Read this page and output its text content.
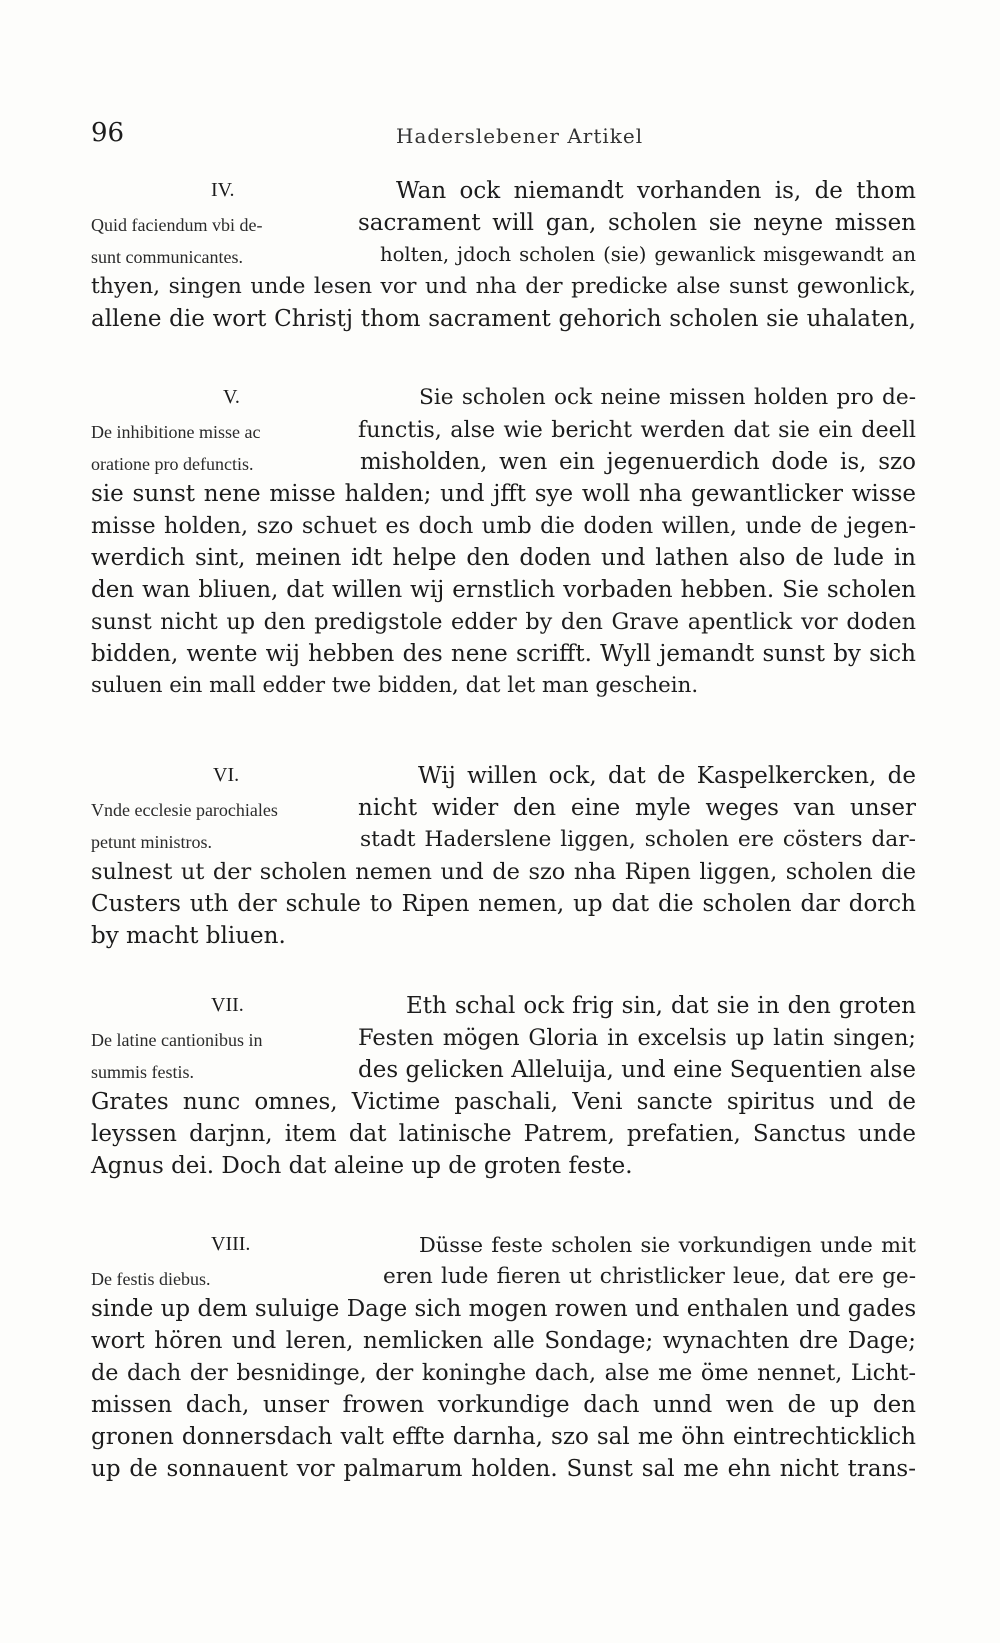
96	Haderslebener Artikel
IV.
Quid faciendum vbi de-
sunt communicantes.
Wan ock niemandt vorhanden is, de thom
sacrament will gan, scholen sie neyne missen
holten, jdoch scholen (sie) gewanlick misgewandt an
thyen, singen unde lesen vor und nha der predicke alse sunst gewonlick,
allene die wort Christj thom sacrament gehorich scholen sie uhalaten,
V.
De inhibitione misse ac
oratione pro defunctis.
Sie scholen ock neine missen holden pro de-
functis, alse wie bericht werden dat sie ein deell
misholden, wen ein jegenuerdich dode is, szo
sie sunst nene misse halden; und jfft sye woll nha gewantlicker wisse
misse holden, szo schuet es doch umb die doden willen, unde de jegen-
werdich sint, meinen idt helpe den doden und lathen also de lude in
den wan bliuen, dat willen wij ernstlich vorbaden hebben. Sie scholen
sunst nicht up den predigstole edder by den Grave apentlick vor doden
bidden, wente wij hebben des nene scrifft. Wyll jemandt sunst by sich
suluen ein mall edder twe bidden, dat let man geschein.
VI.
Vnde ecclesie parochiales
petunt ministros.
Wij willen ock, dat de Kaspelkercken, de
nicht wider den eine myle weges van unser
stadt Haderslene liggen, scholen ere cösters dar-
sulnest ut der scholen nemen und de szo nha Ripen liggen, scholen die
Custers uth der schule to Ripen nemen, up dat die scholen dar dorch
by macht bliuen.
VII.
De latine cantionibus in
summis festis.
Eth schal ock frig sin, dat sie in den groten
Festen mögen Gloria in excelsis up latin singen;
des gelicken Alleluija, und eine Sequentien alse
Grates nunc omnes, Victime paschali, Veni sancte spiritus und de
leyssen darjnn, item dat latinische Patrem, prefatien, Sanctus unde
Agnus dei. Doch dat aleine up de groten feste.
VIII.
De festis diebus.
Düsse feste scholen sie vorkundigen unde mit
eren lude fieren ut christlicker leue, dat ere ge-
sinde up dem suluige Dage sich mogen rowen und enthalen und gades
wort hören und leren, nemlicken alle Sondage; wynachten dre Dage;
de dach der besnidinge, der koninghe dach, alse me öme nennet, Licht-
missen dach, unser frowen vorkundige dach unnd wen de up den
gronen donnersdach valt effte darnha, szo sal me öhn eintrechticklich
up de sonnauent vor palmarum holden. Sunst sal me ehn nicht trans-
